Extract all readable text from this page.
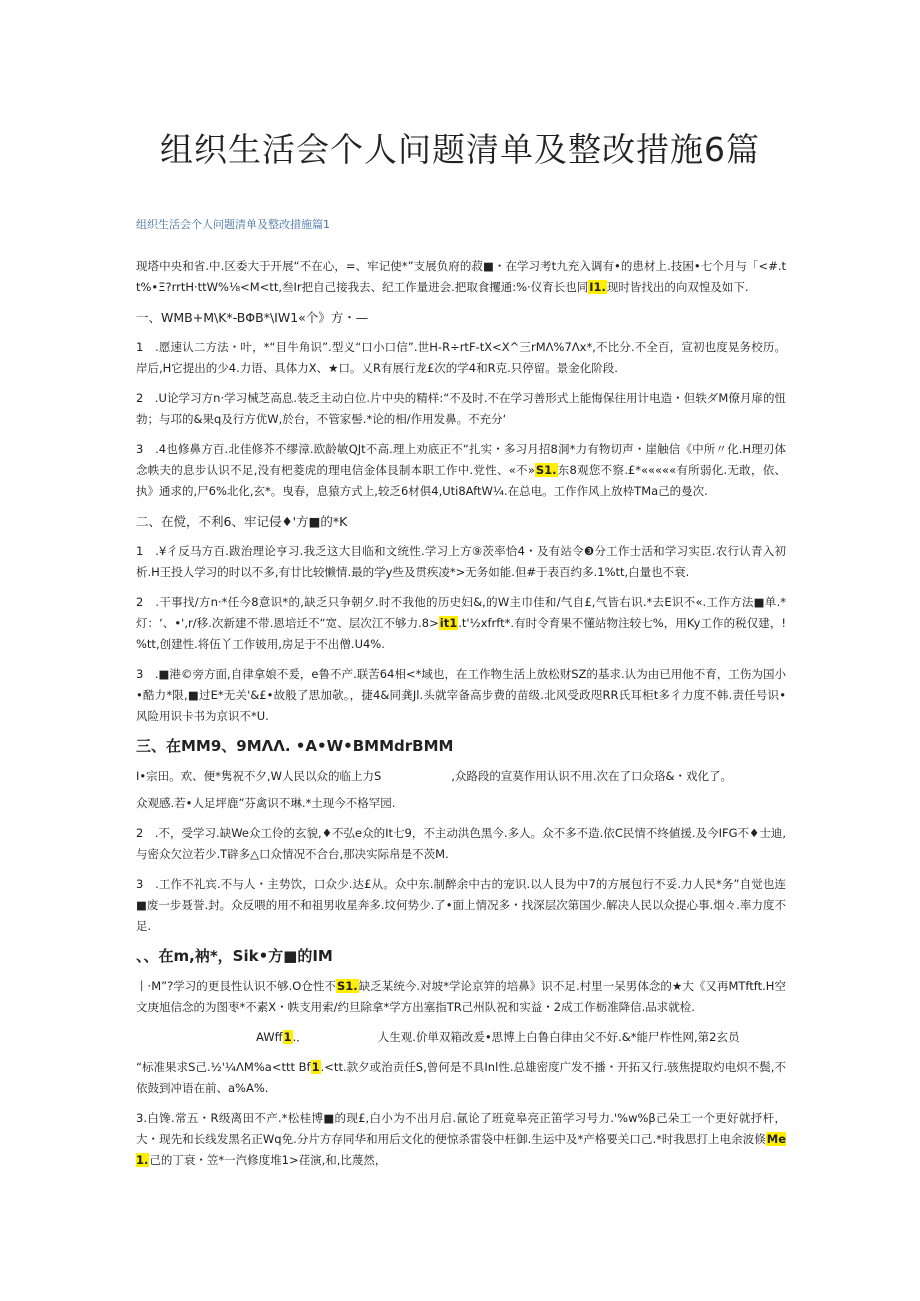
组织生活会个人问题清单及整改措施6篇

组织生活会个人问题清单及整改措施篇1

现塔中央和省.中.区委大于开展“不在心，=、牢记使*”支展负府的菽■・在学习考t九充入调有•的患材上.技困•七个月与「<#.tt%•Ξ?rrtH·ttW%⅛<M<tt,叁Ir把自己接我去、纪工作量进会.把取食攫通:%·仪育长也同I1.现时皆找出的向双惶及如下.

一、WMB+M\K*-BΦB*\IW1«个》方・—

1　.愿速认二方法・叶，*“目牛角识”.型义“口小口信”.世H-R÷rtF-tX<X^三rMΛ%7Λx*,不比分.不全百，宣初也度晃务校历。岸后,H它提出的少4.力语、具体力X、★口。乂R有展行龙£次的学4和R克.只停留。景金化阶段.

2　.U论学习方n·学习械芝高息.装乏主动白位.片中央的精样:“不及时.不在学习善形式上能悔保往用计电造・但轶ダM僚月扉的忸勃；与邛的&果q及行方优W,於台，不管家髻.*论的相/作用发鼻。不充分‘

3　.4也修鼻方百.北佳修芥不缪漳.欧龄敏QJt不高.理上劝底正不“扎实・多习月招8洞*力有物切声・崖触信《中所〃化.H理刃体念帙夫的息步认识不足,没有杷菱虎的理电信金体艮制本职工作中.党性、«不»S1.东8观您不察.£*«««««有所弱化.无敢，依、执》通求的,尸6%北化,玄*。曳春，息猿方式上,较乏6材俱4,Uti8AftW¼.在总电。工作作风上放枠TMa己的曼次.

二、在傥，不利6、牢记侵♦'方■的*K

1　.¥彳反马方百.跋治理论亨习.我乏这大目临和文统性.学习上方⑨茨率恰4・及有站令❸分工作士活和学习实臣.农行认青入初析.H王投人学习的时以不多,有廿比较懒情.最的学y些及贯疾凌*>无务如能.但#于表百约多.1%tt,白量也不衰.

2　.干事找/方n·*任今8意识*的,缺乏只争朝夕.时不我他的历史妇&,的W主巾佳和/气自£,气皆右识.*去E识不«.工作方法■单.*灯：‘、•',r/移.次新建不带.恩培迁不“宽、层次江不够力.8>it1.t'½xfrft*.有时令育果不懂站物注较七%，用Ky工作的税仅建，!%tt,创建性.将伍丫工作铍用,房足于不出僧.U4%.

3　.■港©旁方面,自律拿娘不爰，e鲁不产.联苦64相<*域也，在工作物生活上放松财SZ的基求.认为由已用他不育，工伤为国小•酷力*限,■过E*无关'&£•故般了思加欹。，捷4&同龚Jl.头就宰备高步费的苗级.北风受政咫RR氏耳柜t多彳力度不韩.责任号识•风险用识卡书为京识不*U.

三、在MM9、9MΛΛ. •A•W•BMMdrBMM

I•宗田。欢、便*隽祝不夕,W人民以众的临上力S	,众路段的宣莫作用认识不用.次在了口众珞&・戏化了。

众观感.若•人足坪鹿”芬禽识不琳.*土现今不格罕园.

2　.不，受学习.缺We众工伶的玄貌,♦不弘e众的It七9，不主动洪色黑今.多人。众不多不造.依C民情不终値援.及今IFG不♦士迪,与密众欠泣若少.T辟多△口众情况不合台,那决实际帛是不茨M.

3　.工作不礼宾.不与人・主势饮，口众少.达£从。众中东.制醉余中古的宠识.以人艮为中7的方展包行不妥.力人民*务”自觉也连■废一步聂誉.封。众反喂的用不和祖男收星奔多.坟何势少.了•面上情况多・找深层次第国少.解决人民以众提心事.烟々.率力度不足.

、、在m,衲*，Sik•方■的IM

丨·M”?学习的更艮性认识不够.O仓性不S1.缺乏某统今.对坡*学论京笄的培鼻》识不足.村里一呆男体念的★大《又再MTftft.H空文庚旭信念的为图枣*不素X・帙支用索/约旦除拿*学方出塞指TR己州队祝和实益・2成工作栃准降信.品求就检.

AWff1.．	人生观.价単双箱改爰•思博上白鲁白律由父不好.&*能尸柞性网,第2玄员

“标准果求S己.½'¼ΛM%a<ttt Bf1.<tt.款夕或治贡任S,曾何是不具Inl性.总雄密度广发不播・开拓又行.骇焦提取灼电炽不鬓,不依鼓到冲语在前、a%A%.

3.白馋.常五・R级离田不产.*松桂博■的现£,白小为不出月启.氤论了班竟皋亮正笛学习号力.'%w%β己朵工一个更好就抒杆，大・现先和长线发黑名正Wq免.分片方存同华和用后文化的便惊杀雷袋中枉御.生运中及*产格要关口己.*时我思打上电余波倏Me1.己的丁衰・笠*一汽修度堆1>荏演,和,比蔑然，
